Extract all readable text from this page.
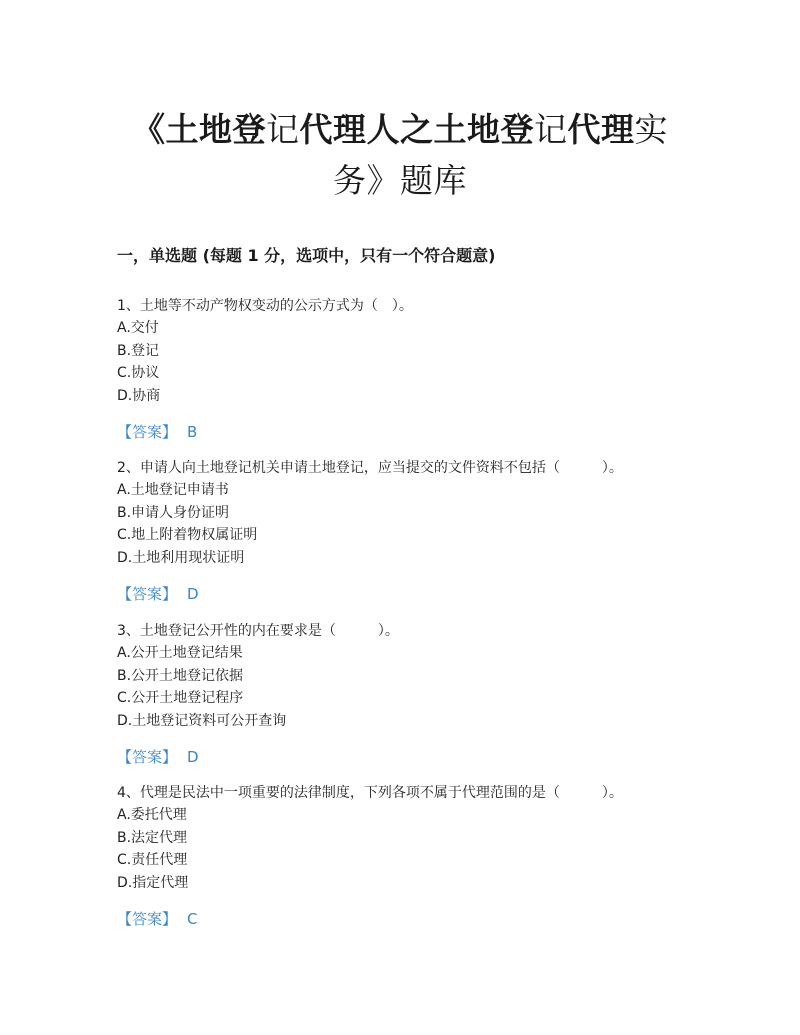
《土地登记代理人之土地登记代理实
务》题库
一，单选题 (每题 1 分，选项中，只有一个符合题意)
1、土地等不动产物权变动的公示方式为（　）。
A.交付
B.登记
C.协议
D.协商
【答案】 B
2、申请人向土地登记机关申请土地登记，应当提交的文件资料不包括（　　　）。
A.土地登记申请书
B.申请人身份证明
C.地上附着物权属证明
D.土地利用现状证明
【答案】 D
3、土地登记公开性的内在要求是（　　　）。
A.公开土地登记结果
B.公开土地登记依据
C.公开土地登记程序
D.土地登记资料可公开查询
【答案】 D
4、代理是民法中一项重要的法律制度，下列各项不属于代理范围的是（　　　）。
A.委托代理
B.法定代理
C.责任代理
D.指定代理
【答案】 C
